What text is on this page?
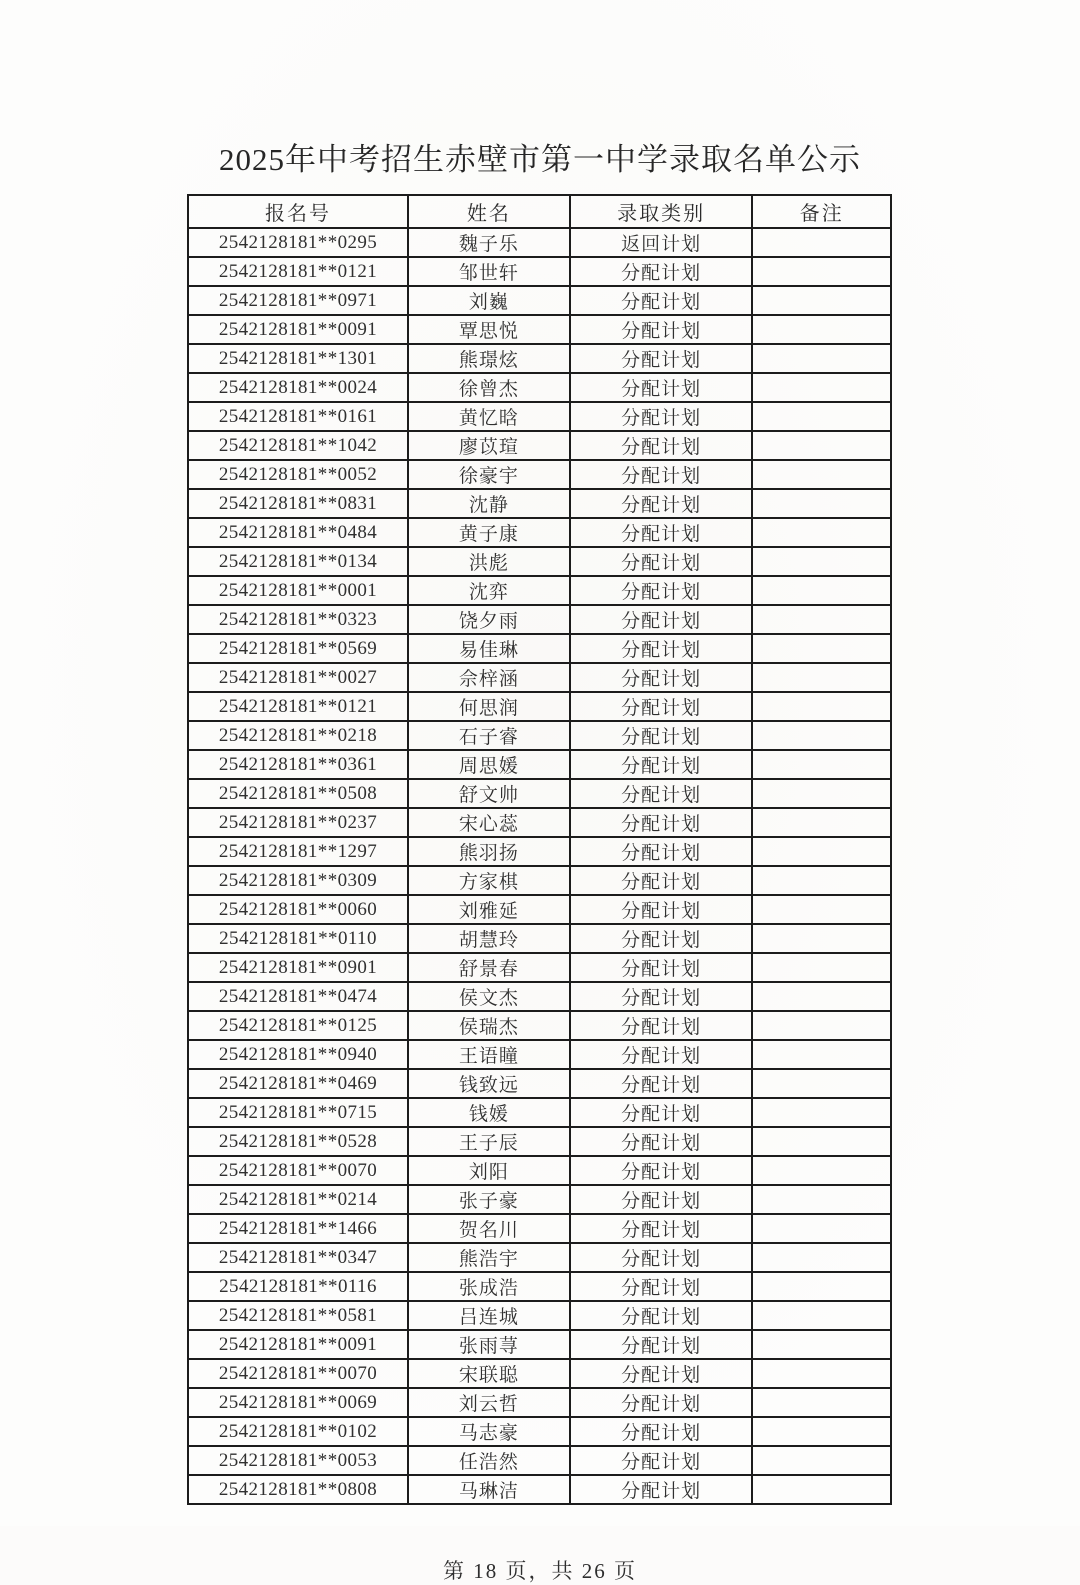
2025年中考招生赤壁市第一中学录取名单公示
报名号	姓名	录取类别	备注
2542128181**0295	魏子乐	返回计划	
2542128181**0121	邹世轩	分配计划	
2542128181**0971	刘巍	分配计划	
2542128181**0091	覃思悦	分配计划	
2542128181**1301	熊璟炫	分配计划	
2542128181**0024	徐曾杰	分配计划	
2542128181**0161	黄忆晗	分配计划	
2542128181**1042	廖苡瑄	分配计划	
2542128181**0052	徐豪宇	分配计划	
2542128181**0831	沈静	分配计划	
2542128181**0484	黄子康	分配计划	
2542128181**0134	洪彪	分配计划	
2542128181**0001	沈弈	分配计划	
2542128181**0323	饶夕雨	分配计划	
2542128181**0569	易佳琳	分配计划	
2542128181**0027	佘梓涵	分配计划	
2542128181**0121	何思润	分配计划	
2542128181**0218	石子睿	分配计划	
2542128181**0361	周思媛	分配计划	
2542128181**0508	舒文帅	分配计划	
2542128181**0237	宋心蕊	分配计划	
2542128181**1297	熊羽扬	分配计划	
2542128181**0309	方家棋	分配计划	
2542128181**0060	刘雅延	分配计划	
2542128181**0110	胡慧玲	分配计划	
2542128181**0901	舒景春	分配计划	
2542128181**0474	侯文杰	分配计划	
2542128181**0125	侯瑞杰	分配计划	
2542128181**0940	王语瞳	分配计划	
2542128181**0469	钱致远	分配计划	
2542128181**0715	钱媛	分配计划	
2542128181**0528	王子辰	分配计划	
2542128181**0070	刘阳	分配计划	
2542128181**0214	张子豪	分配计划	
2542128181**1466	贺名川	分配计划	
2542128181**0347	熊浩宇	分配计划	
2542128181**0116	张成浩	分配计划	
2542128181**0581	吕连城	分配计划	
2542128181**0091	张雨荨	分配计划	
2542128181**0070	宋联聪	分配计划	
2542128181**0069	刘云哲	分配计划	
2542128181**0102	马志豪	分配计划	
2542128181**0053	任浩然	分配计划	
2542128181**0808	马琳洁	分配计划	
第 18 页，共 26 页
